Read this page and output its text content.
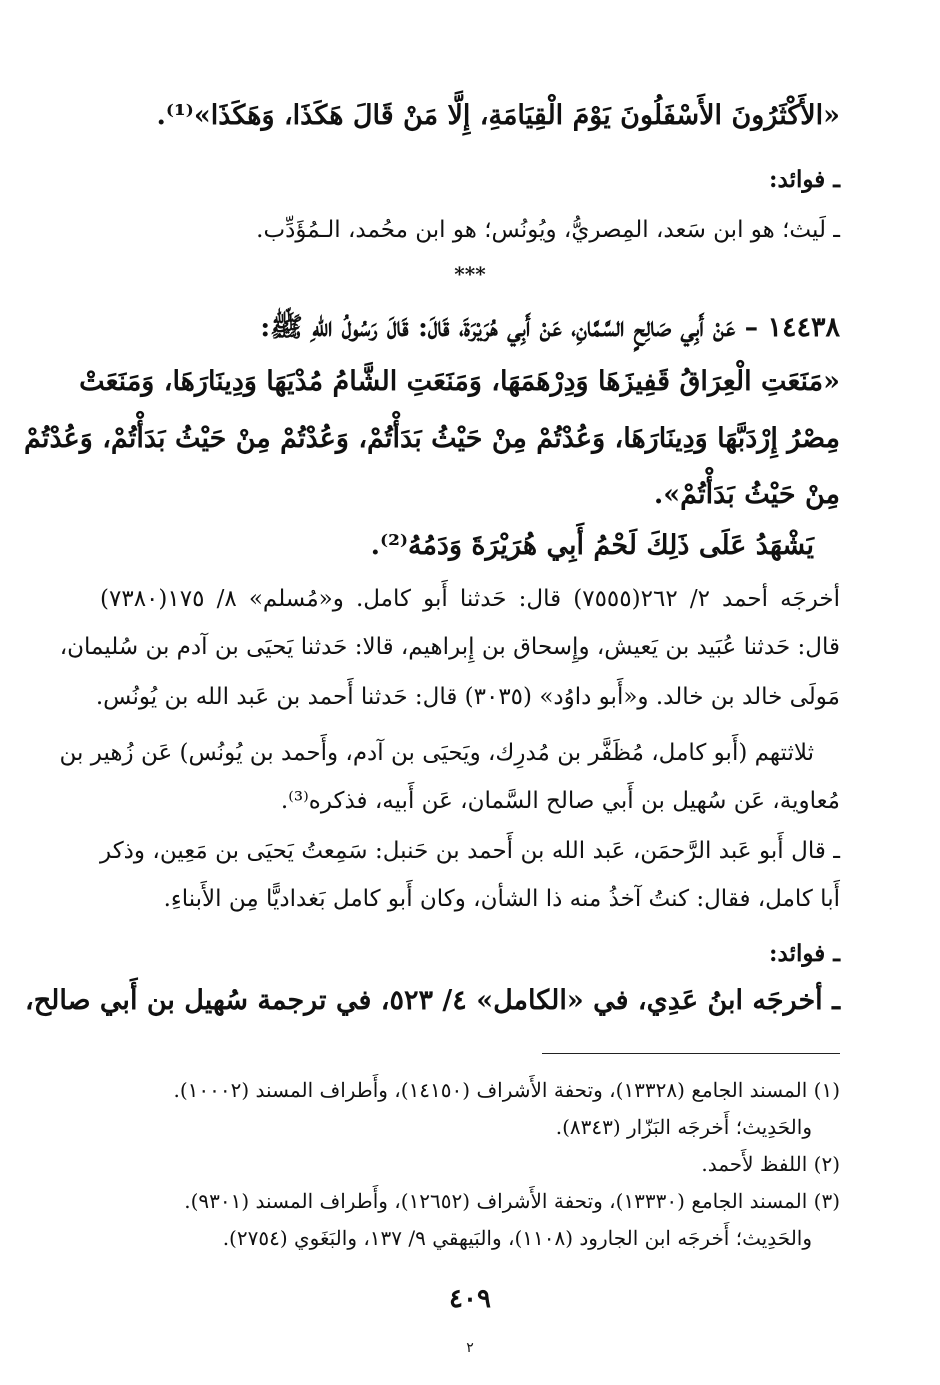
«الأَكْثَرُونَ الأَسْفَلُونَ يَوْمَ الْقِيَامَةِ، إِلَّا مَنْ قَالَ هَكَذَا، وَهَكَذَا»⁽¹⁾.
ـ فوائد:
ـ لَيث؛ هو ابن سَعد، المِصريُّ، ويُونُس؛ هو ابن محُمد، الـمُؤَدِّب.
***
١٤٤٣٨ – عَنْ أَبِي صَالِحٍ السَّمَّانِ، عَنْ أَبِي هُرَيْرَةَ، قَالَ: قَالَ رَسُولُ اللهِ ﷺ:
«مَنَعَتِ الْعِرَاقُ قَفِيزَهَا وَدِرْهَمَهَا، وَمَنَعَتِ الشَّامُ مُدْيَهَا وَدِينَارَهَا، وَمَنَعَتْ
مِصْرُ إِرْدَبَّهَا وَدِينَارَهَا، وَعُدْتُمْ مِنْ حَيْثُ بَدَأْتُمْ، وَعُدْتُمْ مِنْ حَيْثُ بَدَأْتُمْ، وَعُدْتُمْ
مِنْ حَيْثُ بَدَأْتُمْ».
يَشْهَدُ عَلَى ذَلِكَ لَحْمُ أَبِي هُرَيْرَةَ وَدَمُهُ⁽²⁾.
أخرجَه أحمد ٢/ ٢٦٢(٧٥٥٥) قال: حَدثنا أَبو كامل. و«مُسلم» ٨/ ١٧٥(٧٣٨٠)
قال: حَدثنا عُبَيد بن يَعيش، وإِسحاق بن إِبراهيم، قالا: حَدثنا يَحيَى بن آدم بن سُليمان،
مَولَى خالد بن خالد. و«أَبو داوُد» (٣٠٣٥) قال: حَدثنا أَحمد بن عَبد الله بن يُونُس.
ثلاثتهم (أَبو كامل، مُظَفَّر بن مُدرِك، ويَحيَى بن آدم، وأَحمد بن يُونُس) عَن زُهير بن
مُعاوية، عَن سُهيل بن أَبي صالح السَّمان، عَن أَبيه، فذكره⁽³⁾.
ـ قال أَبو عَبد الرَّحمَن، عَبد الله بن أَحمد بن حَنبل: سَمِعتُ يَحيَى بن مَعِين، وذكر
أَبا كامل، فقال: كنتُ آخذُ منه ذا الشأن، وكان أَبو كامل بَغداديًّا مِن الأَبناءِ.
ـ فوائد:
ـ أخرجَه ابنُ عَدِي، في «الكامل» ٤/ ٥٢٣، في ترجمة سُهيل بن أَبي صالح،
(١) المسند الجامع (١٣٣٢٨)، وتحفة الأَشراف (١٤١٥٠)، وأَطراف المسند (١٠٠٠٢).
والحَدِيث؛ أَخرجَه البَزّار (٨٣٤٣).
(٢) اللفظ لأَحمد.
(٣) المسند الجامع (١٣٣٣٠)، وتحفة الأَشراف (١٢٦٥٢)، وأَطراف المسند (٩٣٠١).
والحَدِيث؛ أَخرجَه ابن الجارود (١١٠٨)، والبَيهقي ٩/ ١٣٧، والبَغَوي (٢٧٥٤).
٤٠٩
٢
